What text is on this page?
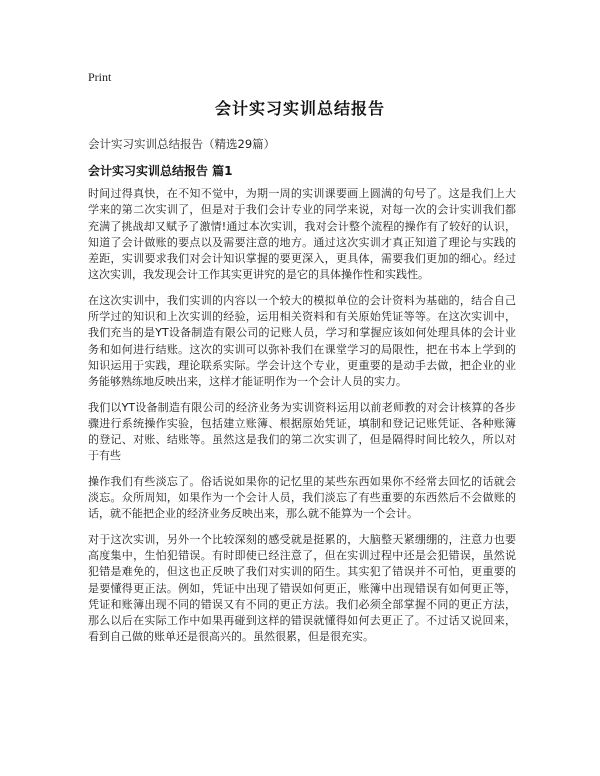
Print
会计实习实训总结报告
会计实习实训总结报告（精选29篇）
会计实习实训总结报告 篇1

时间过得真快，在不知不觉中，为期一周的实训课要画上圆满的句号了。这是我们上大学来的第二次实训了，但是对于我们会计专业的同学来说，对每一次的会计实训我们都充满了挑战却又赋予了激情!通过本次实训，我对会计整个流程的操作有了较好的认识，知道了会计做账的要点以及需要注意的地方。通过这次实训才真正知道了理论与实践的差距，实训要求我们对会计知识掌握的要更深入，更具体，需要我们更加的细心。经过这次实训，我发现会计工作其实更讲究的是它的具体操作性和实践性。

在这次实训中，我们实训的内容以一个较大的模拟单位的会计资料为基础的，结合自己所学过的知识和上次实训的经验，运用相关资料和有关原始凭证等等。在这次实训中，我们充当的是YT设备制造有限公司的记账人员，学习和掌握应该如何处理具体的会计业务和如何进行结账。这次的实训可以弥补我们在课堂学习的局限性，把在书本上学到的知识运用于实践，理论联系实际。学会计这个专业，更重要的是动手去做，把企业的业务能够熟练地反映出来，这样才能证明作为一个会计人员的实力。

我们以YT设备制造有限公司的经济业务为实训资料运用以前老师教的对会计核算的各步骤进行系统操作实验，包括建立账簿、根据原始凭证，填制和登记记账凭证、各种账簿的登记、对账、结账等。虽然这是我们的第二次实训了，但是隔得时间比较久，所以对于有些

操作我们有些淡忘了。俗话说如果你的记忆里的某些东西如果你不经常去回忆的话就会淡忘。众所周知，如果作为一个会计人员，我们淡忘了有些重要的东西然后不会做账的话，就不能把企业的经济业务反映出来，那么就不能算为一个会计。

对于这次实训，另外一个比较深刻的感受就是挺累的，大脑整天紧绷绷的，注意力也要高度集中，生怕犯错误。有时即使已经注意了，但在实训过程中还是会犯错误，虽然说犯错是难免的，但这也正反映了我们对实训的陌生。其实犯了错误并不可怕，更重要的是要懂得更正法。例如，凭证中出现了错误如何更正，账簿中出现错误有如何更正等，凭证和账簿出现不同的错误又有不同的更正方法。我们必须全部掌握不同的更正方法，那么以后在实际工作中如果再碰到这样的错误就懂得如何去更正了。不过话又说回来，看到自己做的账单还是很高兴的。虽然很累，但是很充实。
